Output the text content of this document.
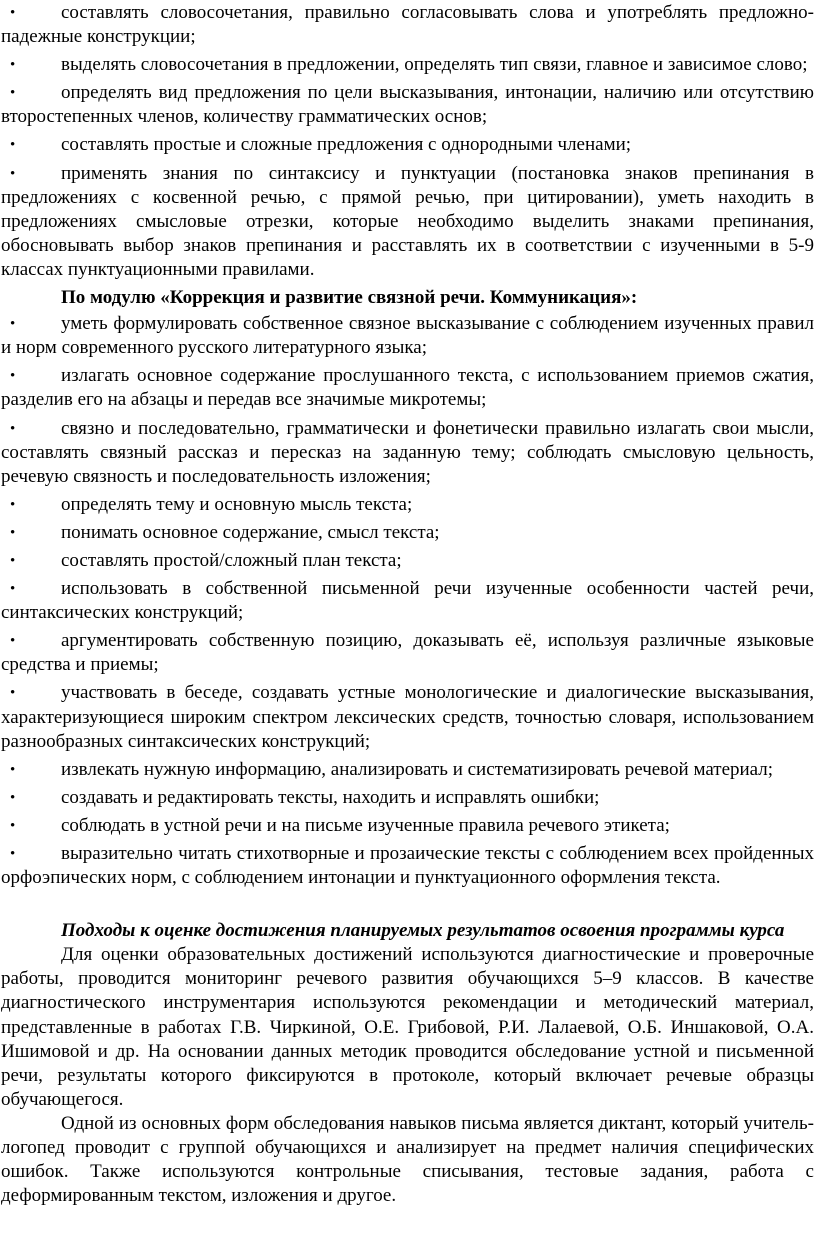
•
составлять словосочетания, правильно согласовывать слова и употреблять предложно-падежные конструкции;
•
выделять словосочетания в предложении, определять тип связи, главное и зависимое слово;
•
определять вид предложения по цели высказывания, интонации, наличию или отсутствию второстепенных членов, количеству грамматических основ;
•
составлять простые и сложные предложения с однородными членами;
•
применять знания по синтаксису и пунктуации (постановка знаков препинания в предложениях с косвенной речью, с прямой речью, при цитировании), уметь находить в предложениях смысловые отрезки, которые необходимо выделить знаками препинания, обосновывать выбор знаков препинания и расставлять их в соответствии с изученными в 5-9 классах пунктуационными правилами.

По модулю «Коррекция и развитие связной речи. Коммуникация»:

•
уметь формулировать собственное связное высказывание с соблюдением изученных правил и норм современного русского литературного языка;
•
излагать основное содержание прослушанного текста, с использованием приемов сжатия, разделив его на абзацы и передав все значимые микротемы;
•
связно и последовательно, грамматически и фонетически правильно излагать свои мысли, составлять связный рассказ и пересказ на заданную тему; соблюдать смысловую цельность, речевую связность и последовательность изложения;
•
определять тему и основную мысль текста;
•
понимать основное содержание, смысл текста;
•
составлять простой/сложный план текста;
•
использовать в собственной письменной речи изученные особенности частей речи, синтаксических конструкций;
•
аргументировать собственную позицию, доказывать её, используя различные языковые средства и приемы;
•
участвовать в беседе, создавать устные монологические и диалогические высказывания, характеризующиеся широким спектром лексических средств, точностью словаря, использованием разнообразных синтаксических конструкций;
•
извлекать нужную информацию, анализировать и систематизировать речевой материал;
•
создавать и редактировать тексты, находить и исправлять ошибки;
•
соблюдать в устной речи и на письме изученные правила речевого этикета;
•
выразительно читать стихотворные и прозаические тексты с соблюдением всех пройденных орфоэпических норм, с соблюдением интонации и пунктуационного оформления текста.

Подходы к оценке достижения планируемых результатов освоения программы курса

Для оценки образовательных достижений используются диагностические и проверочные работы, проводится мониторинг речевого развития обучающихся 5–9 классов. В качестве диагностического инструментария используются рекомендации и методический материал, представленные в работах Г.В. Чиркиной, О.Е. Грибовой, Р.И. Лалаевой, О.Б. Иншаковой, О.А. Ишимовой и др. На основании данных методик проводится обследование устной и письменной речи, результаты которого фиксируются в протоколе, который включает речевые образцы обучающегося.

Одной из основных форм обследования навыков письма является диктант, который учитель-логопед проводит с группой обучающихся и анализирует на предмет наличия специфических ошибок. Также используются контрольные списывания, тестовые задания, работа с деформированным текстом, изложения и другое.
